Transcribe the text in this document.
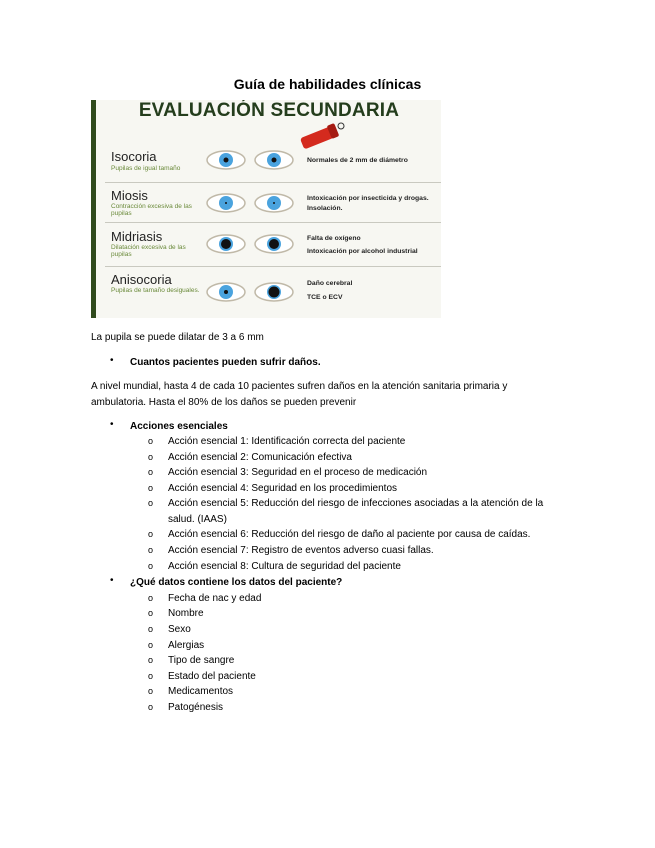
Guía de habilidades clínicas
EVALUACIÓN SECUNDARIA
Isocoria
Pupilas de igual tamaño
Normales de 2 mm de diámetro
Miosis
Contracción excesiva de las pupilas
Intoxicación por insecticida y drogas. Insolación.
Midriasis
Dilatación excesiva de las pupilas
Falta de oxígeno
Intoxicación por alcohol industrial
Anisocoria
Pupilas de tamaño desiguales.
Daño cerebral
TCE o ECV
La pupila se puede dilatar de 3 a 6 mm
• Cuantos pacientes pueden sufrir daños.
A nivel mundial, hasta 4 de cada 10 pacientes sufren daños en la atención sanitaria primaria y
ambulatoria. Hasta el 80% de los daños se pueden prevenir
• Acciones esenciales
o Acción esencial 1: Identificación correcta del paciente
o Acción esencial 2: Comunicación efectiva
o Acción esencial 3: Seguridad en el proceso de medicación
o Acción esencial 4: Seguridad en los procedimientos
o Acción esencial 5: Reducción del riesgo de infecciones asociadas a la atención de la
salud. (IAAS)
o Acción esencial 6: Reducción del riesgo de daño al paciente por causa de caídas.
o Acción esencial 7: Registro de eventos adverso cuasi fallas.
o Acción esencial 8: Cultura de seguridad del paciente
• ¿Qué datos contiene los datos del paciente?
o Fecha de nac y edad
o Nombre
o Sexo
o Alergias
o Tipo de sangre
o Estado del paciente
o Medicamentos
o Patogénesis
